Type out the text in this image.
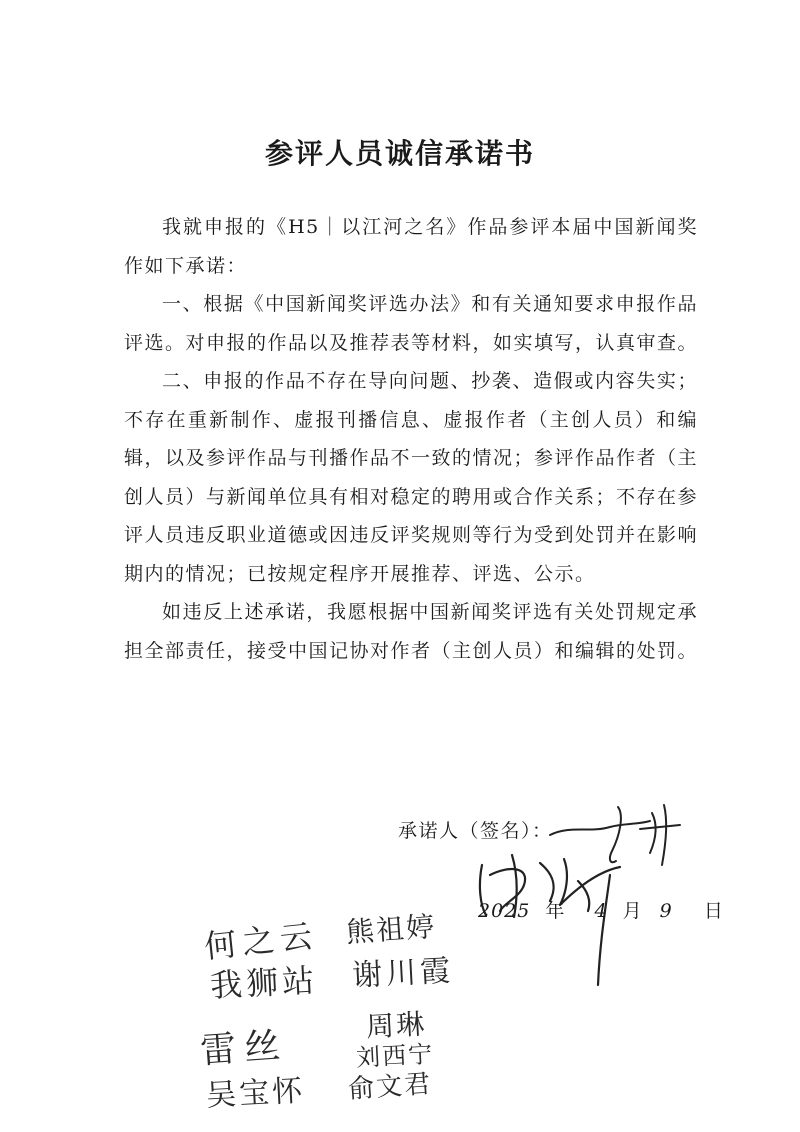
参评人员诚信承诺书

我就申报的《H5｜以江河之名》作品参评本届中国新闻奖作如下承诺：

一、根据《中国新闻奖评选办法》和有关通知要求申报作品评选。对申报的作品以及推荐表等材料，如实填写，认真审查。

二、申报的作品不存在导向问题、抄袭、造假或内容失实；不存在重新制作、虚报刊播信息、虚报作者（主创人员）和编辑，以及参评作品与刊播作品不一致的情况；参评作品作者（主创人员）与新闻单位具有相对稳定的聘用或合作关系；不存在参评人员违反职业道德或因违反评奖规则等行为受到处罚并在影响期内的情况；已按规定程序开展推荐、评选、公示。

如违反上述承诺，我愿根据中国新闻奖评选有关处罚规定承担全部责任，接受中国记协对作者（主创人员）和编辑的处罚。

承诺人（签名）：
2025 年 4 月 9 日
何之云
我狮站
雷丝
吴宝怀
熊祖婷
谢川霞
周琳
刘西宁
俞文君
